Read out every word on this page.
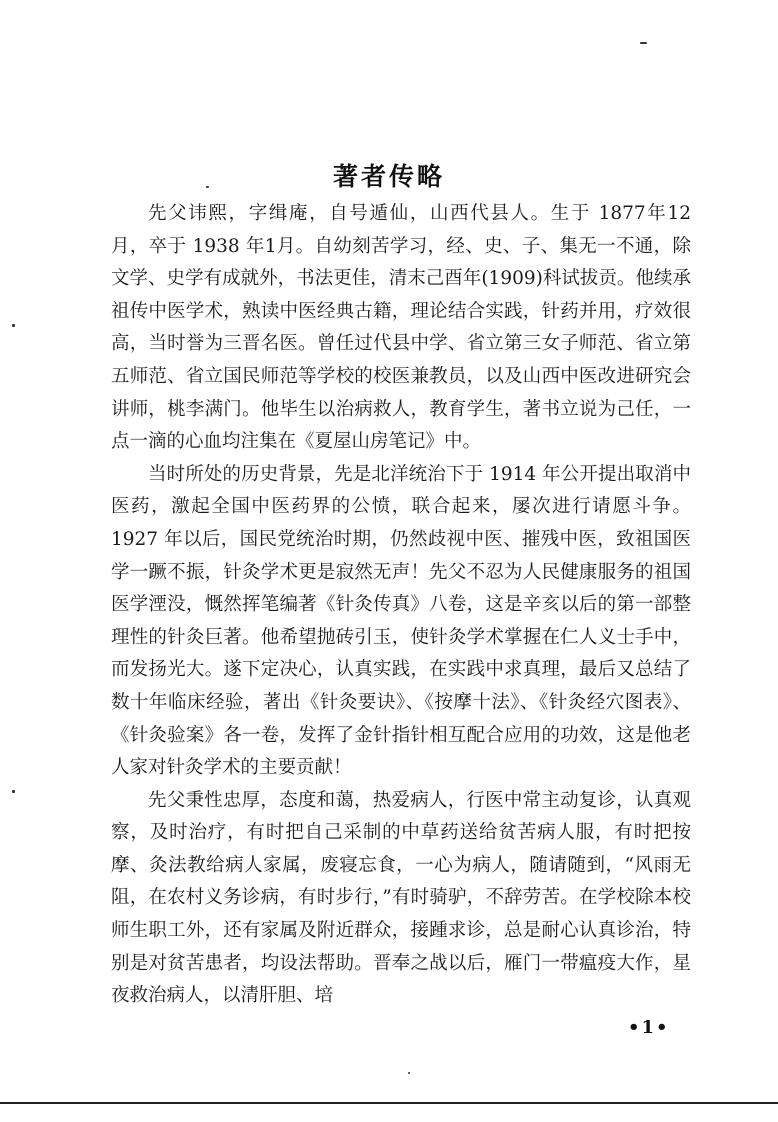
著者传略

先父讳熙，字缉庵，自号遁仙，山西代县人。生于 1877年12 月，卒于 1938 年1月。自幼刻苦学习，经、史、子、集无一不通，除文学、史学有成就外，书法更佳，清末己酉年(1909)科试拔贡。他续承祖传中医学术，熟读中医经典古籍，理论结合实践，针药并用，疗效很高，当时誉为三晋名医。曾任过代县中学、省立第三女子师范、省立第五师范、省立国民师范等学校的校医兼教员，以及山西中医改进研究会讲师，桃李满门。他毕生以治病救人，教育学生，著书立说为己任，一点一滴的心血均注集在《夏屋山房笔记》中。

当时所处的历史背景，先是北洋统治下于 1914 年公开提出取消中医药，激起全国中医药界的公愤，联合起来，屡次进行请愿斗争。1927 年以后，国民党统治时期，仍然歧视中医、摧残中医，致祖国医学一蹶不振，针灸学术更是寂然无声！先父不忍为人民健康服务的祖国医学湮没，慨然挥笔编著《针灸传真》八卷，这是辛亥以后的第一部整理性的针灸巨著。他希望抛砖引玉，使针灸学术掌握在仁人义士手中，而发扬光大。遂下定决心，认真实践，在实践中求真理，最后又总结了数十年临床经验，著出《针灸要诀》、《按摩十法》、《针灸经穴图表》、《针灸验案》各一卷，发挥了金针指针相互配合应用的功效，这是他老人家对针灸学术的主要贡献！

先父秉性忠厚，态度和蔼，热爱病人，行医中常主动复诊，认真观察，及时治疗，有时把自己采制的中草药送给贫苦病人服，有时把按摩、灸法教给病人家属，废寝忘食，一心为病人，随请随到，“风雨无阻，在农村义务诊病，有时步行，”有时骑驴，不辞劳苦。在学校除本校师生职工外，还有家属及附近群众，接踵求诊，总是耐心认真诊治，特别是对贫苦患者，均设法帮助。晋奉之战以后，雁门一带瘟疫大作，星夜救治病人，以清肝胆、培

•1•
